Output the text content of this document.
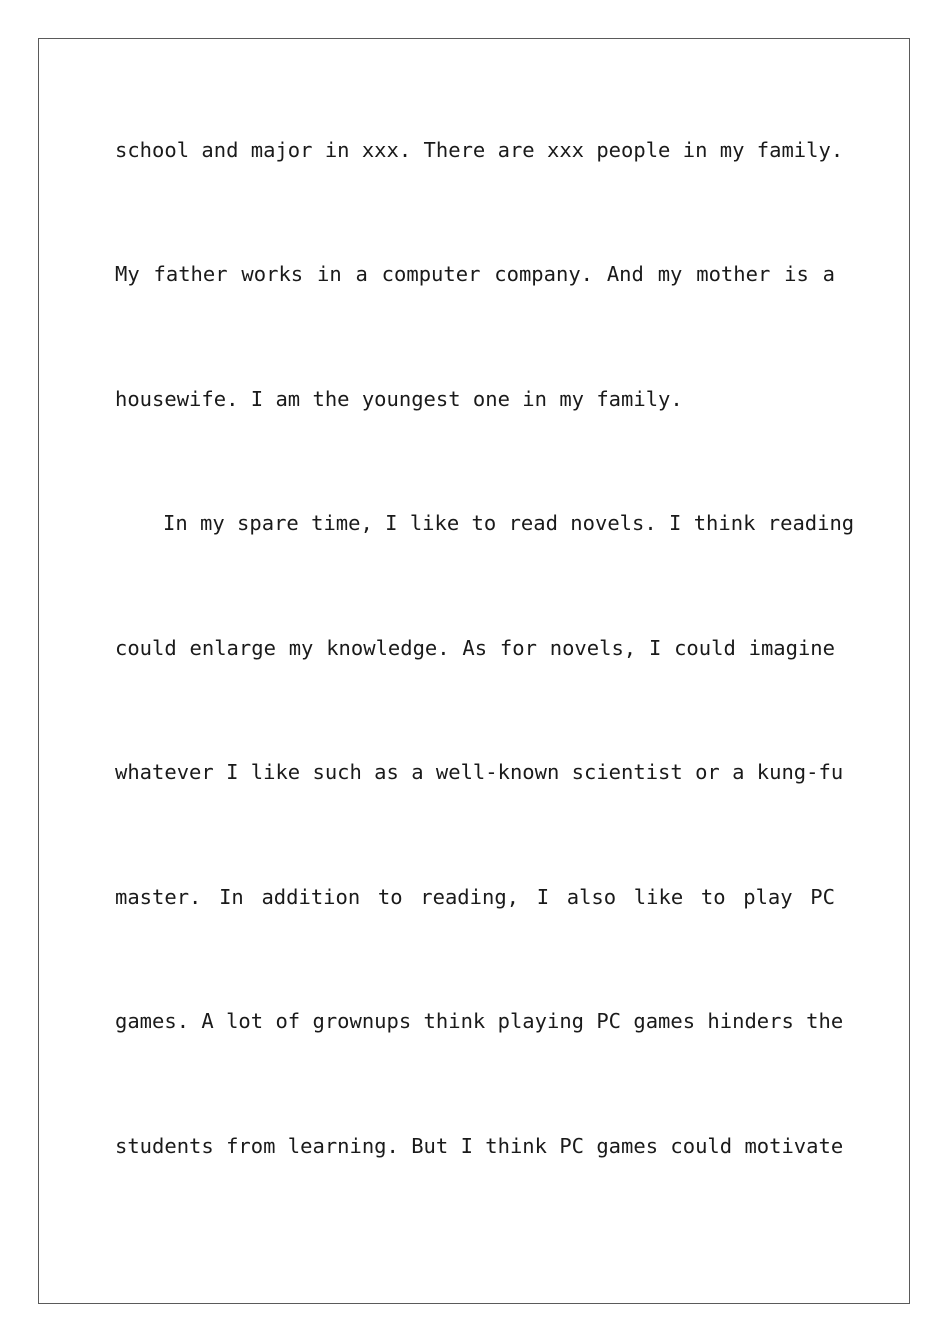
school and major in xxx. There are xxx people in my family.
My father works in a computer company. And my mother is a
housewife. I am the youngest one in my family.
In my spare time, I like to read novels. I think reading
could enlarge my knowledge. As for novels, I could imagine
whatever I like such as a well-known scientist or a kung-fu
master. In addition to reading, I also like to play PC
games. A lot of grownups think playing PC games hinders the
students from learning. But I think PC games could motivate
